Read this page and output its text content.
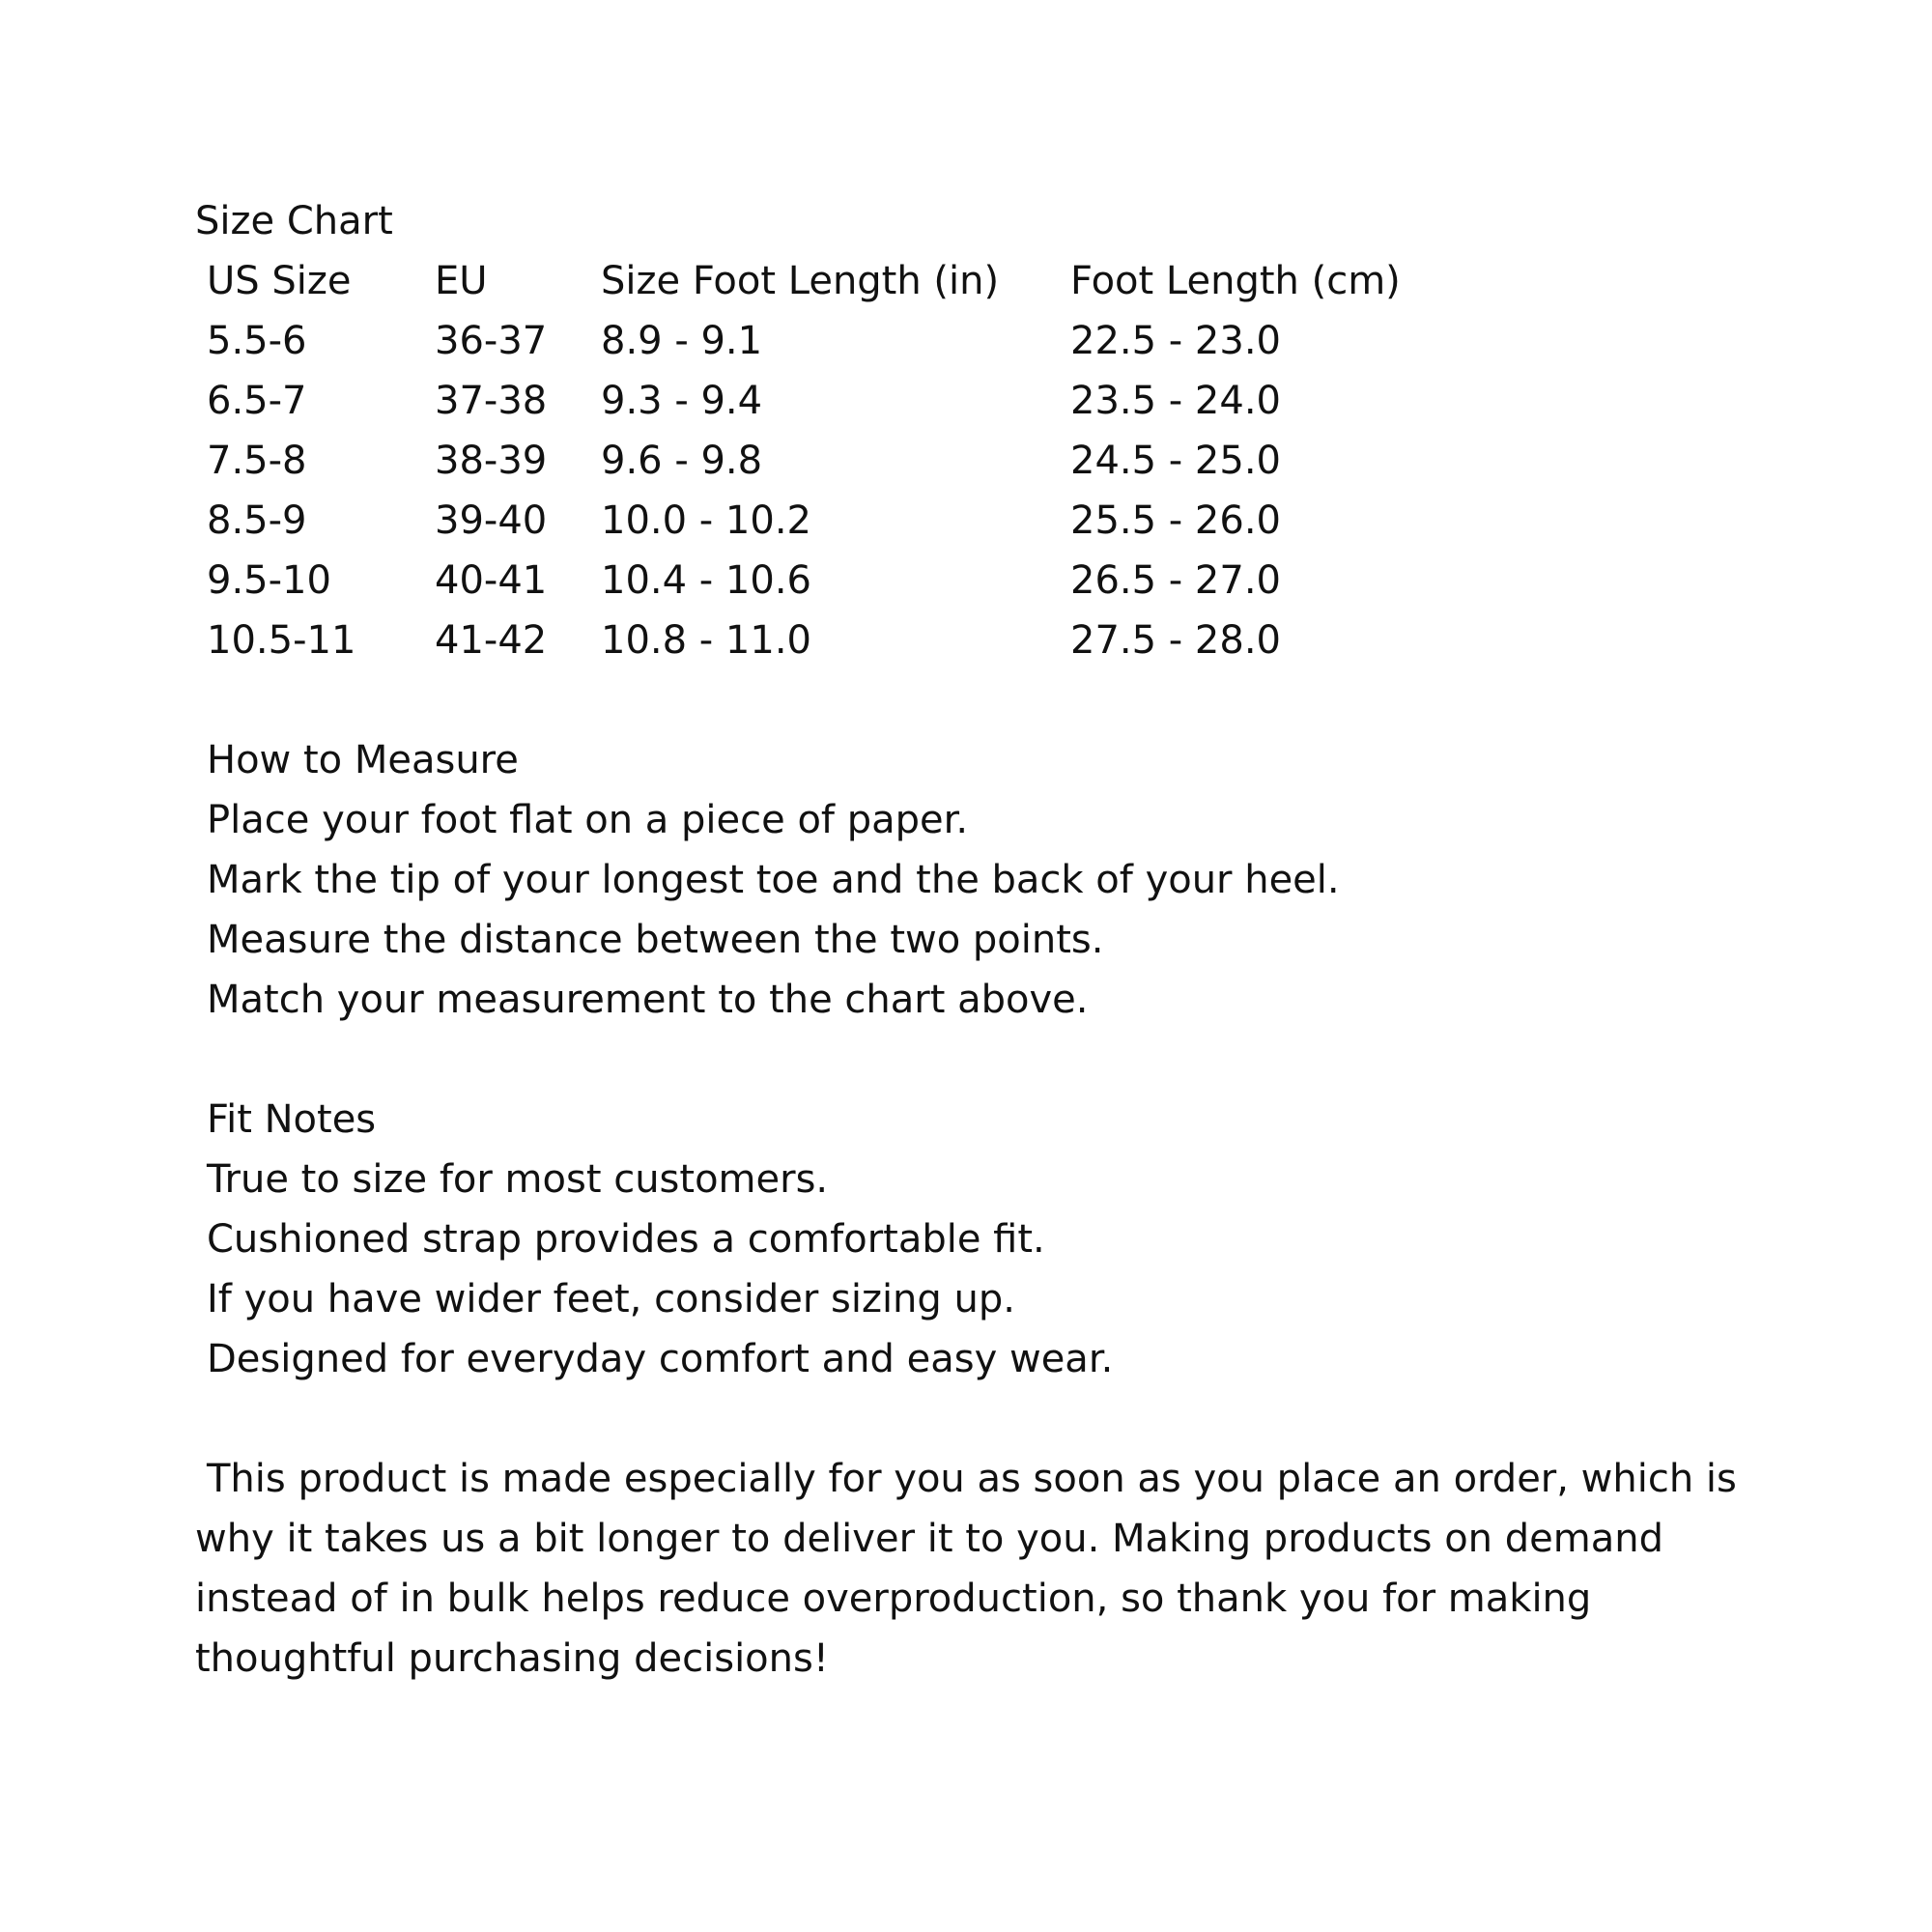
Size Chart
US Size	EU	Size Foot Length (in)	Foot Length (cm)
5.5-6	36-37	8.9 - 9.1	22.5 - 23.0
6.5-7	37-38	9.3 - 9.4	23.5 - 24.0
7.5-8	38-39	9.6 - 9.8	24.5 - 25.0
8.5-9	39-40	10.0 - 10.2	25.5 - 26.0
9.5-10	40-41	10.4 - 10.6	26.5 - 27.0
10.5-11	41-42	10.8 - 11.0	27.5 - 28.0
How to Measure

Place your foot flat on a piece of paper.

Mark the tip of your longest toe and the back of your heel.

Measure the distance between the two points.

Match your measurement to the chart above.

Fit Notes

True to size for most customers.

Cushioned strap provides a comfortable fit.

If you have wider feet, consider sizing up.

Designed for everyday comfort and easy wear.

This product is made especially for you as soon as you place an order, which is why it takes us a bit longer to deliver it to you. Making products on demand instead of in bulk helps reduce overproduction, so thank you for making thoughtful purchasing decisions!
